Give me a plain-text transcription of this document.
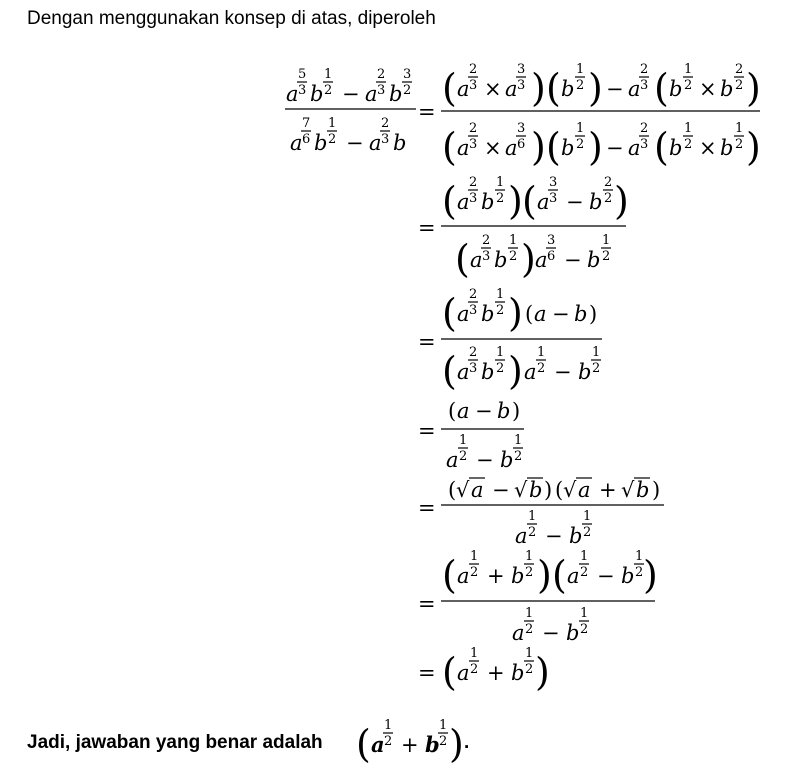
Dengan menggunakan konsep di atas, diperoleh
a
5
3 b
1
2 − a
2
3 b
3
2
a
7
6 b
1
2 − a
2
3 b
=
( a
2
3 × a
3
3 ) ( b
1
2 ) − a
2
3 ( b
1
2 × b
2
2 )
( a
2
3 × a
3
6 ) ( b
1
2 ) − a
2
3 ( b
1
2 × b
1
2 )
=
( a
2
3 b
1
2 ) ( a
3
3 − b
2
2 )
( a
2
3 b
1
2 ) a
3
6 − b
1
2
=
( a
2
3 b
1
2 ) ( a − b )
( a
2
3 b
1
2 ) a
1
2 − b
1
2
=
( a − b )
a
1
2 − b
1
2
=
( √ a − √ b ) ( √ a + √ b )
a
1
2 − b
1
2
=
( a
1
2 + b
1
2 ) ( a
1
2 − b
1
2 )
a
1
2 − b
1
2
= ( a
1
2 + b
1
2 )
( a
1
2 + b
1
2 )
Jadi, jawaban yang benar adalah	.
